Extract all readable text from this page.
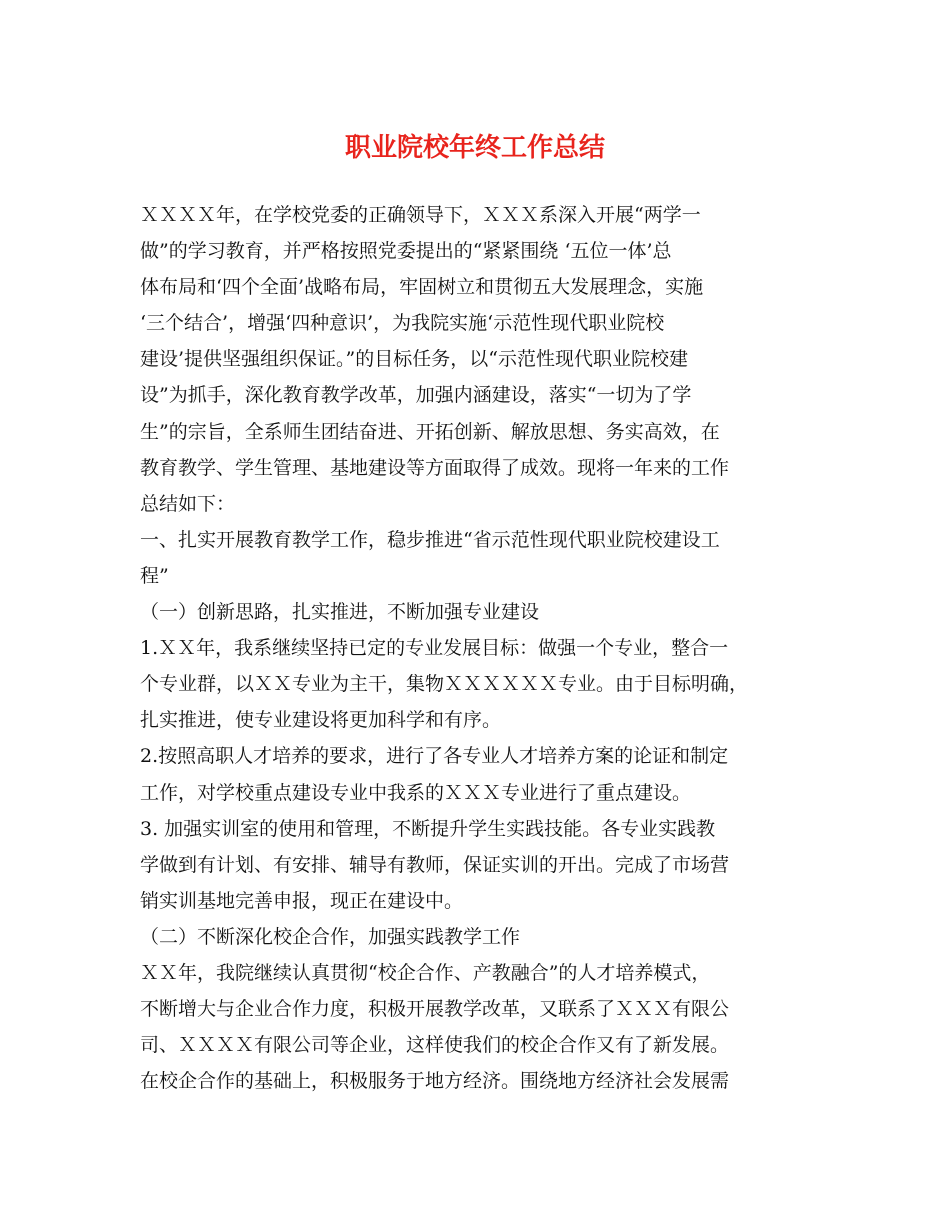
职业院校年终工作总结
ＸＸＸＸ年，在学校党委的正确领导下，ＸＸＸ系深入开展“两学一
做”的学习教育，并严格按照党委提出的“紧紧围绕 ‘五位一体’总
体布局和‘四个全面’战略布局，牢固树立和贯彻五大发展理念，实施
‘三个结合’，增强‘四种意识’，为我院实施‘示范性现代职业院校
建设’提供坚强组织保证。”的目标任务，以“示范性现代职业院校建
设”为抓手，深化教育教学改革，加强内涵建设，落实“一切为了学
生”的宗旨，全系师生团结奋进、开拓创新、解放思想、务实高效，在
教育教学、学生管理、基地建设等方面取得了成效。现将一年来的工作
总结如下：
一、扎实开展教育教学工作，稳步推进“省示范性现代职业院校建设工
程”
（一）创新思路，扎实推进，不断加强专业建设
1.ＸＸ年，我系继续坚持已定的专业发展目标：做强一个专业，整合一
个专业群，以ＸＸ专业为主干，集物ＸＸＸＸＸＸ专业。由于目标明确，
扎实推进，使专业建设将更加科学和有序。
2.按照高职人才培养的要求，进行了各专业人才培养方案的论证和制定
工作，对学校重点建设专业中我系的ＸＸＸ专业进行了重点建设。
3. 加强实训室的使用和管理，不断提升学生实践技能。各专业实践教
学做到有计划、有安排、辅导有教师，保证实训的开出。完成了市场营
销实训基地完善申报，现正在建设中。
（二）不断深化校企合作，加强实践教学工作
ＸＸ年，我院继续认真贯彻“校企合作、产教融合”的人才培养模式，
不断增大与企业合作力度，积极开展教学改革，又联系了ＸＸＸ有限公
司、ＸＸＸＸ有限公司等企业，这样使我们的校企合作又有了新发展。
在校企合作的基础上，积极服务于地方经济。围绕地方经济社会发展需
